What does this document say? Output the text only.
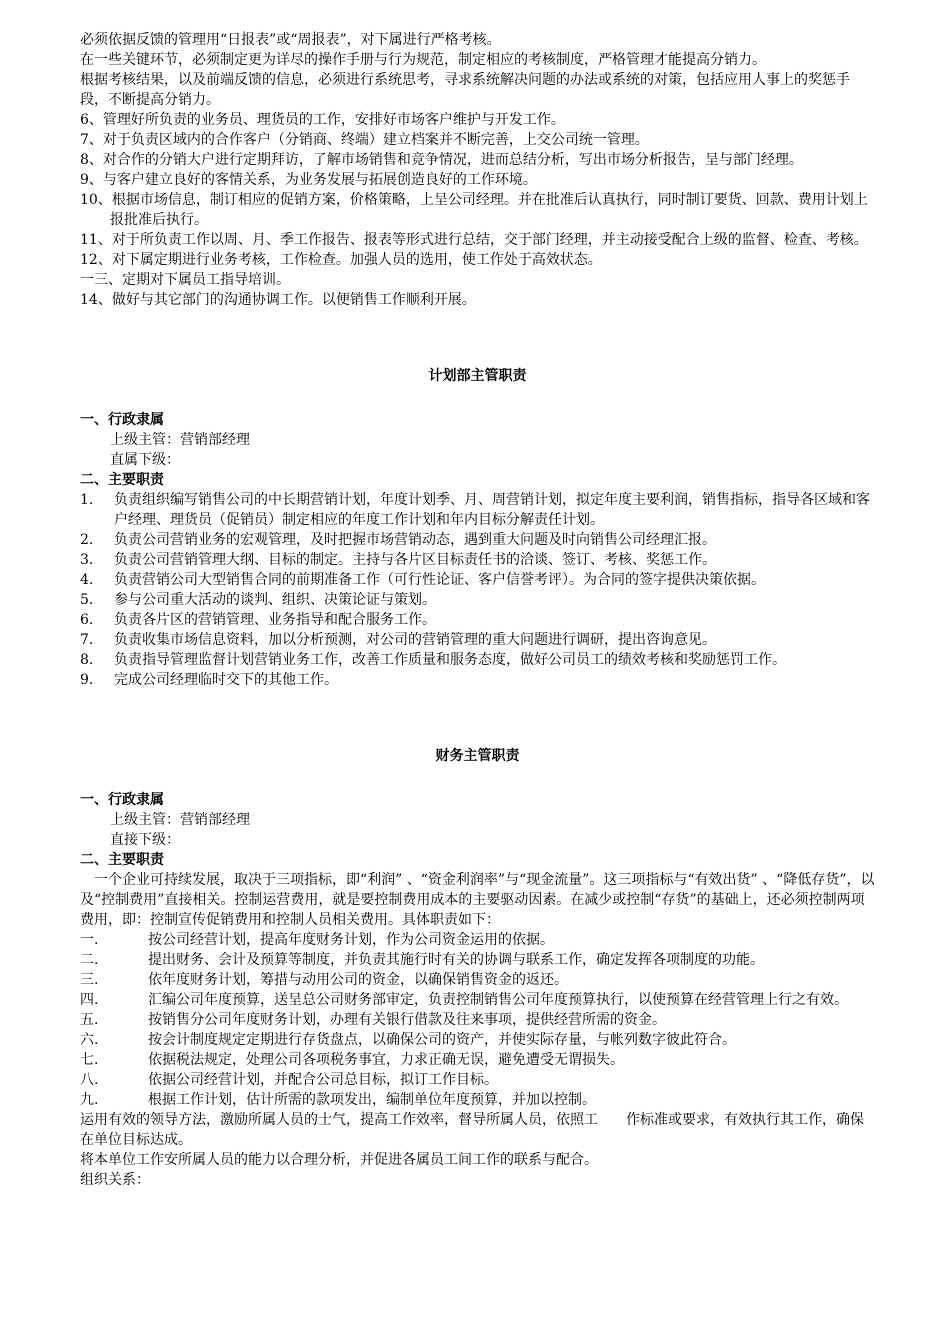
必须依据反馈的管理用“日报表”或“周报表”，对下属进行严格考核。

在一些关键环节，必须制定更为详尽的操作手册与行为规范，制定相应的考核制度，严格管理才能提高分销力。

根据考核结果，以及前端反馈的信息，必须进行系统思考，寻求系统解决问题的办法或系统的对策，包括应用人事上的奖惩手段，不断提高分销力。

6、管理好所负责的业务员、理货员的工作，安排好市场客户维护与开发工作。
7、对于负责区域内的合作客户（分销商、终端）建立档案并不断完善，上交公司统一管理。
8、对合作的分销大户进行定期拜访，了解市场销售和竞争情况，进而总结分析，写出市场分析报告，呈与部门经理。
9、与客户建立良好的客情关系，为业务发展与拓展创造良好的工作环境。
10、根据市场信息，制订相应的促销方案，价格策略，上呈公司经理。并在批准后认真执行，同时制订要货、回款、费用计划上报批准后执行。
11、对于所负责工作以周、月、季工作报告、报表等形式进行总结，交于部门经理，并主动接受配合上级的监督、检查、考核。
12、对下属定期进行业务考核，工作检查。加强人员的选用，使工作处于高效状态。
一三、定期对下属员工指导培训。
14、做好与其它部门的沟通协调工作。以便销售工作顺利开展。

计划部主管职责

一、行政隶属

上级主管：营销部经理

直属下级：

二、主要职责

1.	负责组织编写销售公司的中长期营销计划，年度计划季、月、周营销计划，拟定年度主要利润，销售指标，指导各区域和客户经理、理货员（促销员）制定相应的年度工作计划和年内目标分解责任计划。
2.	负责公司营销业务的宏观管理，及时把握市场营销动态，遇到重大问题及时向销售公司经理汇报。
3.	负责公司营销管理大纲、目标的制定。主持与各片区目标责任书的洽谈、签订、考核、奖惩工作。
4.	负责营销公司大型销售合同的前期准备工作（可行性论证、客户信誉考评）。为合同的签字提供决策依据。
5.	参与公司重大活动的谈判、组织、决策论证与策划。
6.	负责各片区的营销管理、业务指导和配合服务工作。
7.	负责收集市场信息资料，加以分析预测，对公司的营销管理的重大问题进行调研，提出咨询意见。
8.	负责指导管理监督计划营销业务工作，改善工作质量和服务态度，做好公司员工的绩效考核和奖励惩罚工作。
9.	完成公司经理临时交下的其他工作。

财务主管职责

一、行政隶属

上级主管：营销部经理

直接下级：

二、主要职责

一个企业可持续发展，取决于三项指标，即“利润” 、“资金利润率”与“现金流量”。这三项指标与“有效出货” 、“降低存货”，以及“控制费用”直接相关。控制运营费用，就是要控制费用成本的主要驱动因素。在减少或控制“存货”的基础上，还必须控制两项费用，即：控制宣传促销费用和控制人员相关费用。具体职责如下：

一.	按公司经营计划，提高年度财务计划，作为公司资金运用的依据。
二.	提出财务、会计及预算等制度，并负责其施行时有关的协调与联系工作，确定发挥各项制度的功能。
三.	依年度财务计划，筹措与动用公司的资金，以确保销售资金的返还。
四.	汇编公司年度预算，送呈总公司财务部审定，负责控制销售公司年度预算执行，以使预算在经营管理上行之有效。
五.	按销售分公司年度财务计划，办理有关银行借款及往来事项，提供经营所需的资金。
六.	按会计制度规定定期进行存货盘点，以确保公司的资产，并使实际存量，与帐列数字彼此符合。
七.	依据税法规定，处理公司各项税务事宜，力求正确无误，避免遭受无谓损失。
八.	依据公司经营计划，并配合公司总目标，拟订工作目标。
九.	根据工作计划，估计所需的款项发出，编制单位年度预算，并加以控制。

运用有效的领导方法，激励所属人员的士气，提高工作效率，督导所属人员，依照工　　作标准或要求，有效执行其工作，确保在单位目标达成。

将本单位工作安所属人员的能力以合理分析，并促进各属员工间工作的联系与配合。

组织关系：
